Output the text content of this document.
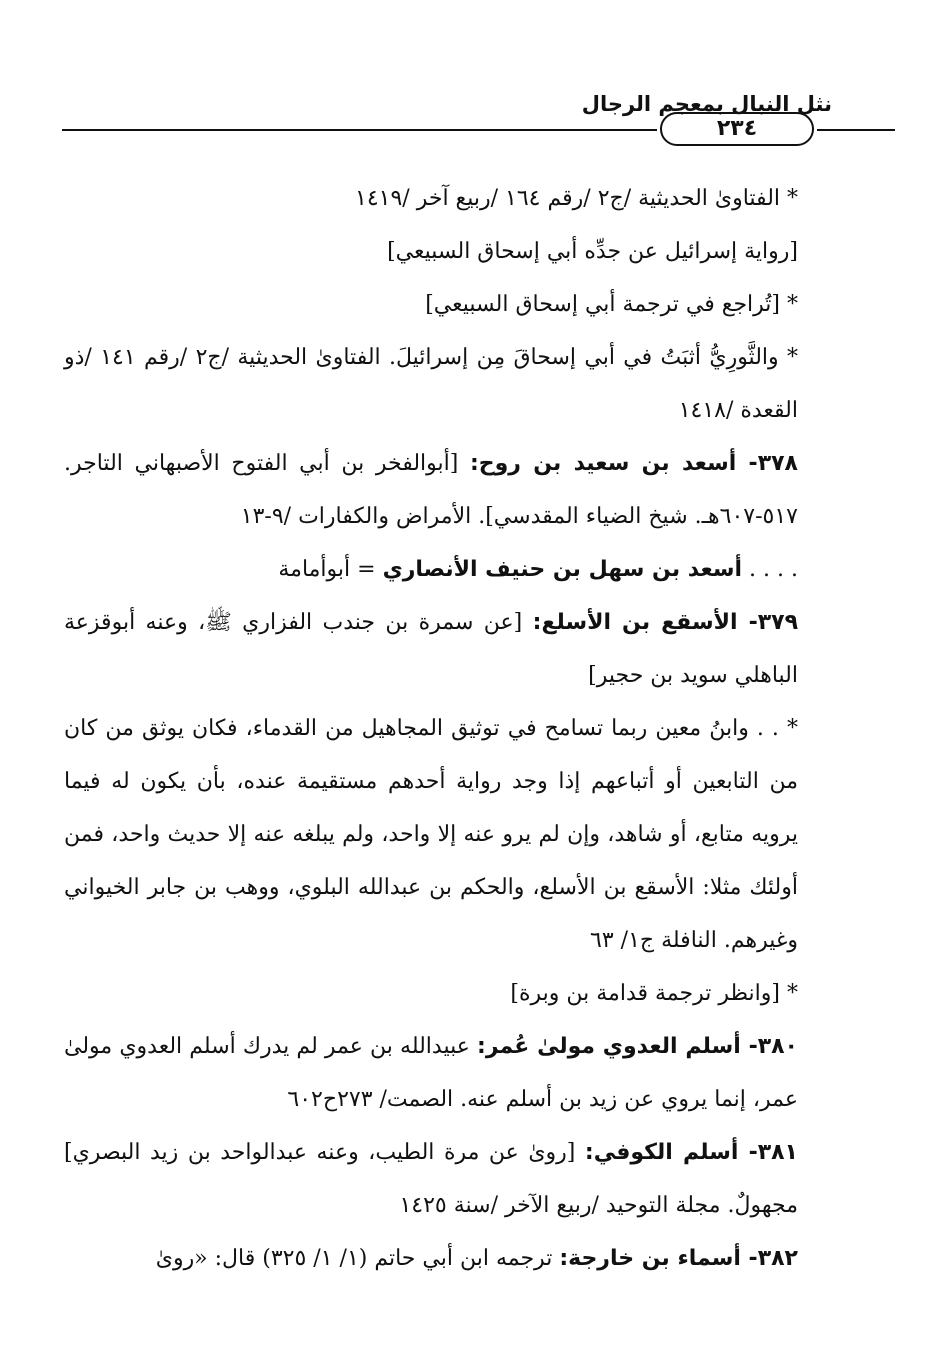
٢٣٤
نثل النبال بمعجم الرجال

* الفتاوىٰ الحديثية /ج٢ /رقم ١٦٤ /ربيع آخر /١٤١٩

[رواية إسرائيل عن جدِّه أبي إسحاق السبيعي]

* [تُراجع في ترجمة أبي إسحاق السبيعي]

* والثَّورِيُّ أثبَتُ في أبي إسحاقَ مِن إسرائيلَ. الفتاوىٰ الحديثية /ج٢ /رقم ١٤١ /ذو القعدة /١٤١٨

٣٧٨- أسعد بن سعيد بن روح: [أبوالفخر بن أبي الفتوح الأصبهاني التاجر. ٥١٧-٦٠٧هـ. شيخ الضياء المقدسي]. الأمراض والكفارات /٩-١٣

. . . . أسعد بن سهل بن حنيف الأنصاري = أبوأمامة

٣٧٩- الأسقع بن الأسلع: [عن سمرة بن جندب الفزاري ﷺ، وعنه أبوقزعة الباهلي سويد بن حجير]

* . . وابنُ معين ربما تسامح في توثيق المجاهيل من القدماء، فكان يوثق من كان من التابعين أو أتباعهم إذا وجد رواية أحدهم مستقيمة عنده، بأن يكون له فيما يرويه متابع، أو شاهد، وإن لم يرو عنه إلا واحد، ولم يبلغه عنه إلا حديث واحد، فمن أولئك مثلا: الأسقع بن الأسلع، والحكم بن عبدالله البلوي، ووهب بن جابر الخيواني وغيرهم. النافلة ج١/ ٦٣

* [وانظر ترجمة قدامة بن وبرة]

٣٨٠- أسلم العدوي مولىٰ عُمر: عبيدالله بن عمر لم يدرك أسلم العدوي مولىٰ عمر، إنما يروي عن زيد بن أسلم عنه. الصمت/ ٢٧٣ح٦٠٢

٣٨١- أسلم الكوفي: [روىٰ عن مرة الطيب، وعنه عبدالواحد بن زيد البصري] مجهولٌ. مجلة التوحيد /ربيع الآخر /سنة ١٤٢٥

٣٨٢- أسماء بن خارجة: ترجمه ابن أبي حاتم (١/ ١/ ٣٢٥) قال: «روىٰ
